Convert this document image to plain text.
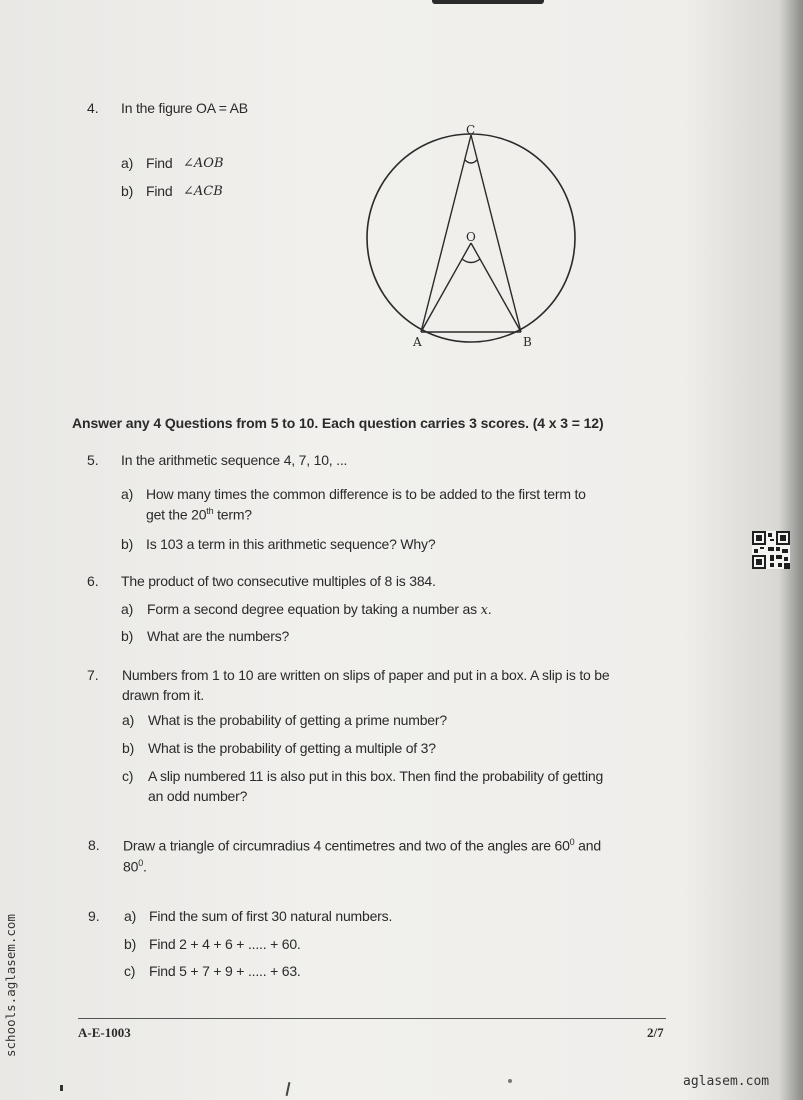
4. In the figure OA = AB
a) Find ∠AOB
b) Find ∠ACB
C
O
A	B
Answer any 4 Questions from 5 to 10. Each question carries 3 scores. (4 x 3 = 12)
5. In the arithmetic sequence 4, 7, 10, ...
a) How many times the common difference is to be added to the first term to
get the 20th term?
b) Is 103 a term in this arithmetic sequence? Why?
6. The product of two consecutive multiples of 8 is 384.
a) Form a second degree equation by taking a number as x.
b) What are the numbers?
7. Numbers from 1 to 10 are written on slips of paper and put in a box. A slip is to be
drawn from it.
a) What is the probability of getting a prime number?
b) What is the probability of getting a multiple of 3?
c) A slip numbered 11 is also put in this box. Then find the probability of getting
an odd number?
8. Draw a triangle of circumradius 4 centimetres and two of the angles are $60^0$ and
$80^0$.
9. a) Find the sum of first 30 natural numbers.
b) Find 2 + 4 + 6 + ..... + 60.
c) Find 5 + 7 + 9 + ..... + 63.
A-E-1003	2/7
schools.aglasem.com
aglasem.com
